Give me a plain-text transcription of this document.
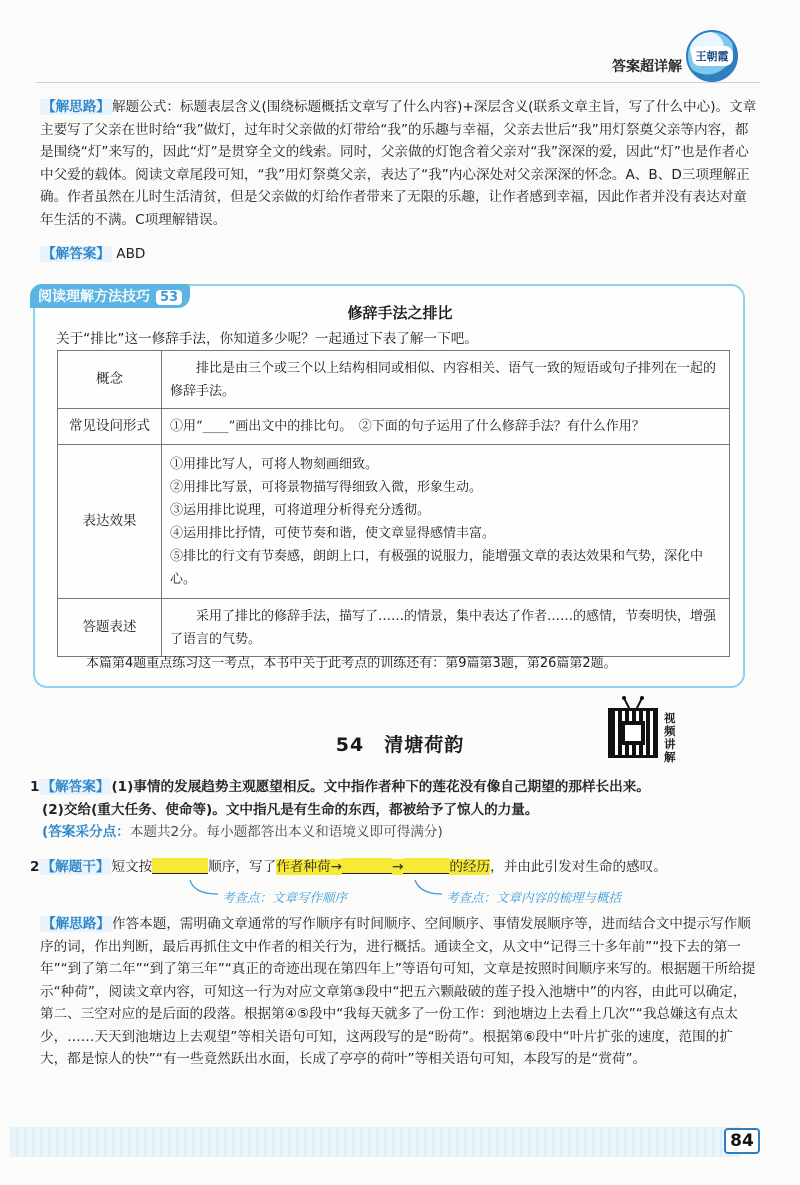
答案超详解
王朝霞
【解思路】 解题公式：标题表层含义(围绕标题概括文章写了什么内容)+深层含义(联系文章主旨，写了什么中心)。文章主要写了父亲在世时给“我”做灯，过年时父亲做的灯带给“我”的乐趣与幸福，父亲去世后“我”用灯祭奠父亲等内容，都是围绕“灯”来写的，因此“灯”是贯穿全文的线索。同时，父亲做的灯饱含着父亲对“我”深深的爱，因此“灯”也是作者心中父爱的载体。阅读文章尾段可知，“我”用灯祭奠父亲，表达了“我”内心深处对父亲深深的怀念。A、B、D三项理解正确。作者虽然在儿时生活清贫，但是父亲做的灯给作者带来了无限的乐趣，让作者感到幸福，因此作者并没有表达对童年生活的不满。C项理解错误。
【解答案】 ABD
阅读理解方法技巧 53
修辞手法之排比
关于“排比”这一修辞手法，你知道多少呢？一起通过下表了解一下吧。
概念	排比是由三个或三个以上结构相同或相似、内容相关、语气一致的短语或句子排列在一起的修辞手法。
常见设问形式	①用“____”画出文中的排比句。　②下面的句子运用了什么修辞手法？有什么作用？
表达效果	①用排比写人，可将人物刻画细致。
②用排比写景，可将景物描写得细致入微，形象生动。
③运用排比说理，可将道理分析得充分透彻。
④运用排比抒情，可使节奏和谐，使文章显得感情丰富。
⑤排比的行文有节奏感，朗朗上口，有极强的说服力，能增强文章的表达效果和气势，深化中心。

答题表述	采用了排比的修辞手法，描写了……的情景，集中表达了作者……的感情，节奏明快，增强了语言的气势。
本篇第4题重点练习这一考点，本书中关于此考点的训练还有：第9篇第3题，第26篇第2题。
视频讲解
54　清塘荷韵
1 【解答案】 (1)事情的发展趋势主观愿望相反。文中指作者种下的莲花没有像自己期望的那样长出来。
(2)交给(重大任务、使命等)。文中指凡是有生命的东西，都被给予了惊人的力量。
(答案采分点：本题共2分。每小题都答出本义和语境义即可得满分)
2 【解题干】 短文按	顺序，写了作者种荷→	→	的经历，并由此引发对生命的感叹。
考查点：文章写作顺序	考查点：文章内容的梳理与概括
【解思路】 作答本题，需明确文章通常的写作顺序有时间顺序、空间顺序、事情发展顺序等，进而结合文中提示写作顺序的词，作出判断，最后再抓住文中作者的相关行为，进行概括。通读全文，从文中“记得三十多年前”“投下去的第一年”“到了第二年”“到了第三年”“真正的奇迹出现在第四年上”等语句可知，文章是按照时间顺序来写的。根据题干所给提示“种荷”，阅读文章内容，可知这一行为对应文章第③段中“把五六颗敲破的莲子投入池塘中”的内容，由此可以确定，第二、三空对应的是后面的段落。根据第④⑤段中“我每天就多了一份工作：到池塘边上去看上几次”“我总嫌这有点太少，……天天到池塘边上去观望”等相关语句可知，这两段写的是“盼荷”。根据第⑥段中“叶片扩张的速度，范围的扩大，都是惊人的快”“有一些竟然跃出水面，长成了亭亭的荷叶”等相关语句可知，本段写的是“赏荷”。
84
